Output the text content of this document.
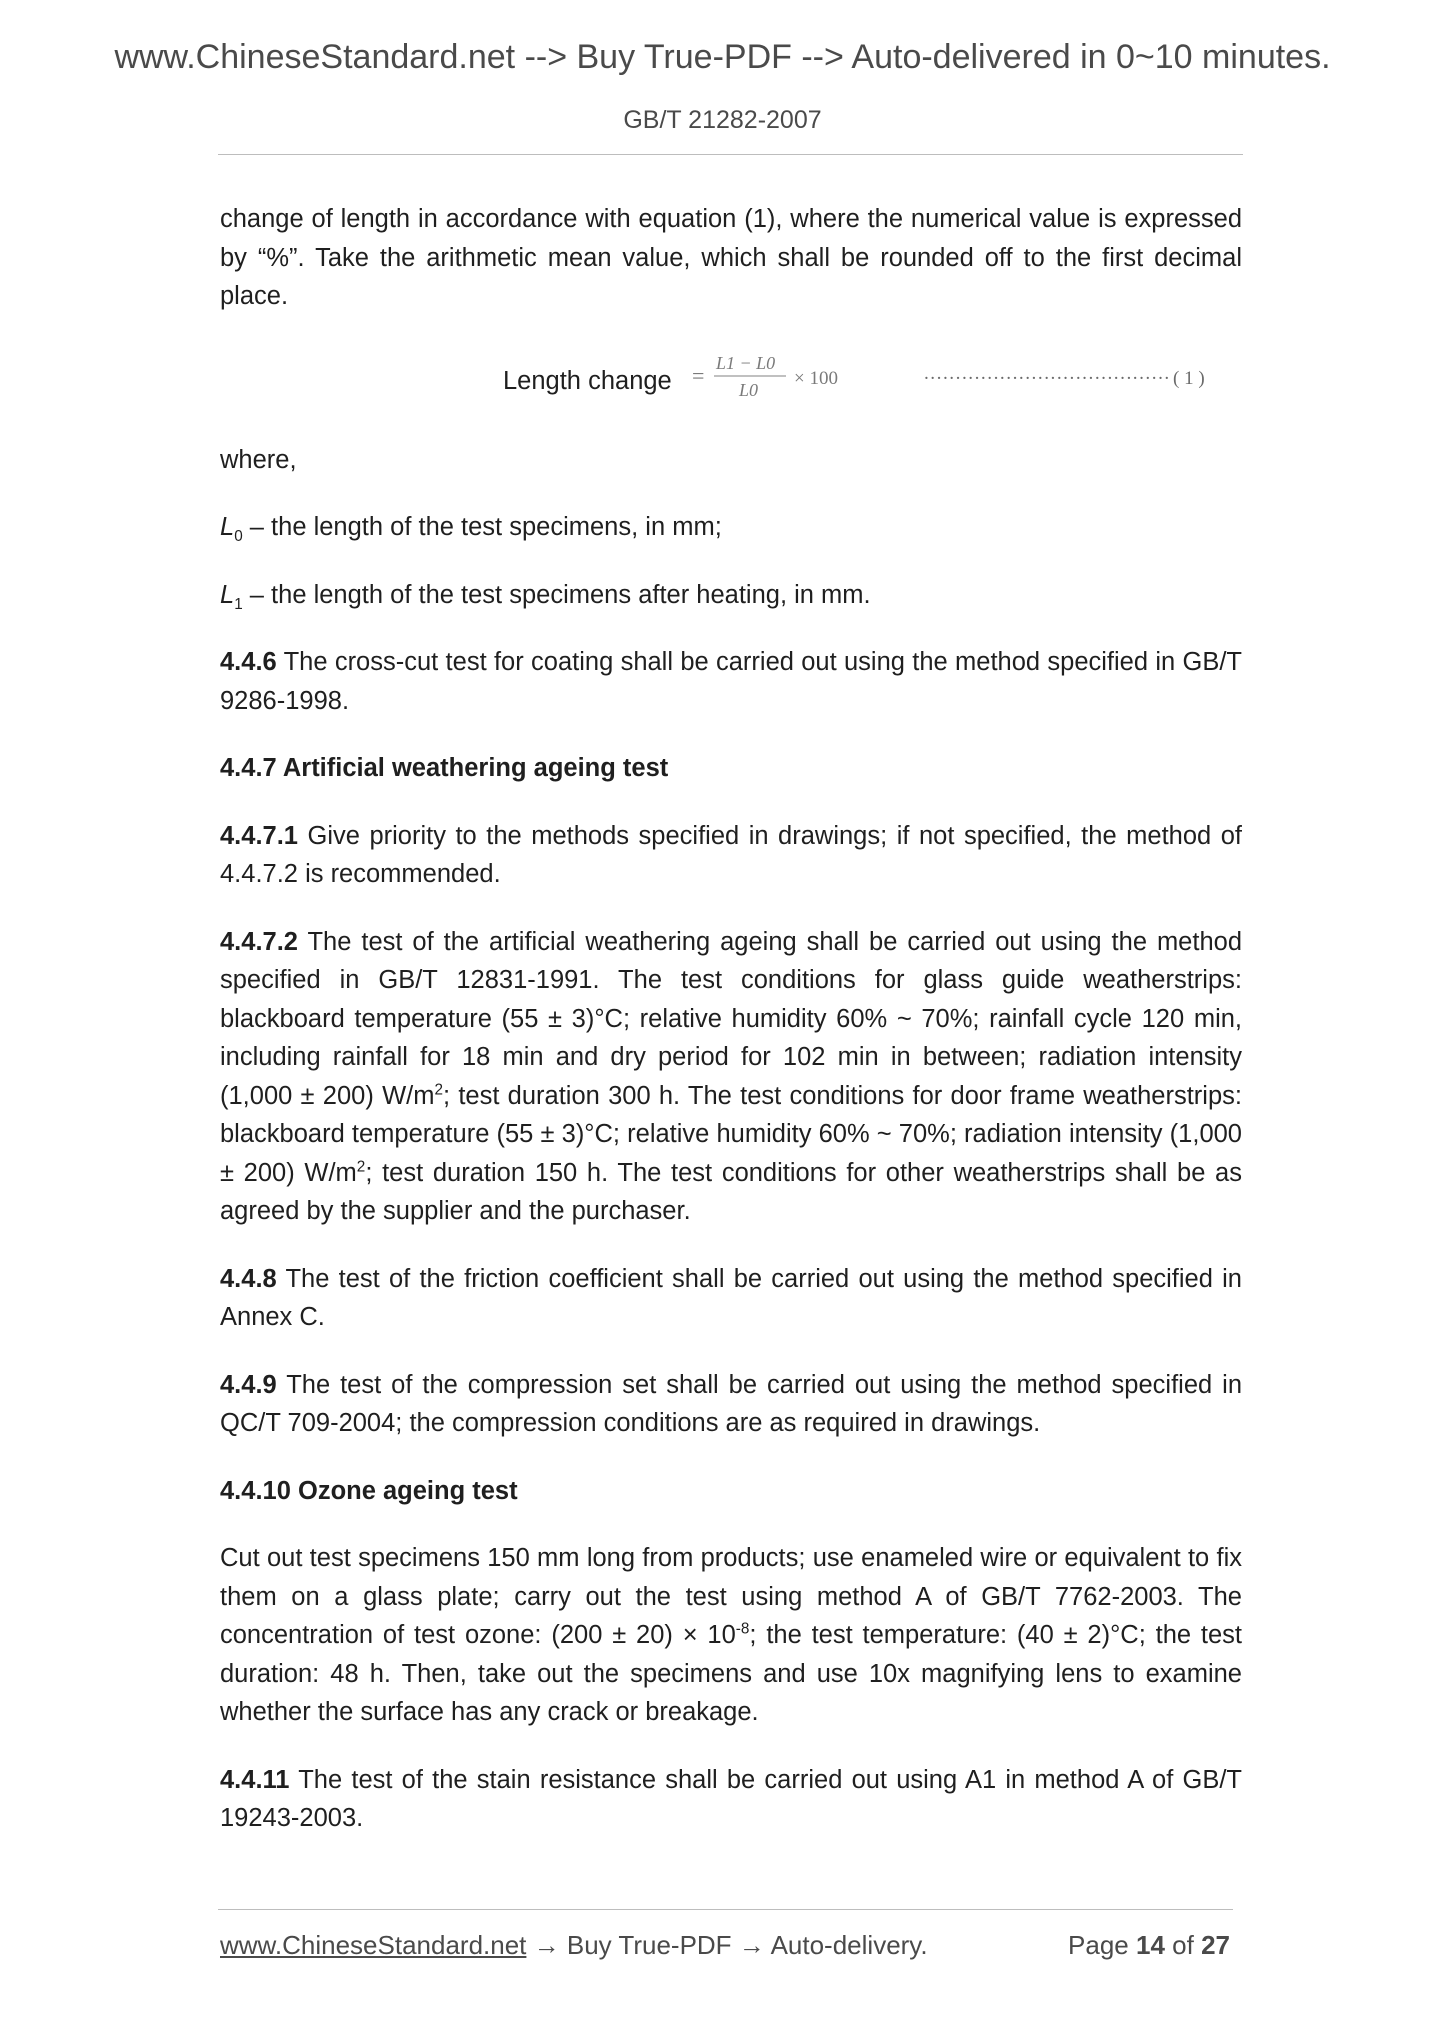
www.ChineseStandard.net --> Buy True-PDF --> Auto-delivered in 0~10 minutes.
GB/T 21282-2007

change of length in accordance with equation (1), where the numerical value is expressed by “%”. Take the arithmetic mean value, which shall be rounded off to the first decimal place.

Length change = L1 − L0
L0
× 100	······································· ( 1 )

where,

$L_0$ – the length of the test specimens, in mm;

$L_1$ – the length of the test specimens after heating, in mm.

4.4.6 The cross-cut test for coating shall be carried out using the method specified in GB/T 9286-1998.

4.4.7 Artificial weathering ageing test

4.4.7.1 Give priority to the methods specified in drawings; if not specified, the method of 4.4.7.2 is recommended.

4.4.7.2 The test of the artificial weathering ageing shall be carried out using the method specified in GB/T 12831-1991. The test conditions for glass guide weatherstrips: blackboard temperature (55 ± 3)°C; relative humidity 60% ~ 70%; rainfall cycle 120 min, including rainfall for 18 min and dry period for 102 min in between; radiation intensity (1,000 ± 200) $W/m^2$; test duration 300 h. The test conditions for door frame weatherstrips: blackboard temperature (55 ± 3)°C; relative humidity 60% ~ 70%; radiation intensity (1,000 ± 200) $W/m^2$; test duration 150 h. The test conditions for other weatherstrips shall be as agreed by the supplier and the purchaser.

4.4.8 The test of the friction coefficient shall be carried out using the method specified in Annex C.

4.4.9 The test of the compression set shall be carried out using the method specified in QC/T 709-2004; the compression conditions are as required in drawings.

4.4.10 Ozone ageing test

Cut out test specimens 150 mm long from products; use enameled wire or equivalent to fix them on a glass plate; carry out the test using method A of GB/T 7762-2003. The concentration of test ozone: $(200 \pm 20) \times 10^{-8}$; the test temperature: (40 ± 2)°C; the test duration: 48 h. Then, take out the specimens and use 10x magnifying lens to examine whether the surface has any crack or breakage.

4.4.11 The test of the stain resistance shall be carried out using A1 in method A of GB/T 19243-2003.

www.ChineseStandard.net → Buy True-PDF → Auto-delivery.	Page 14 of 27
